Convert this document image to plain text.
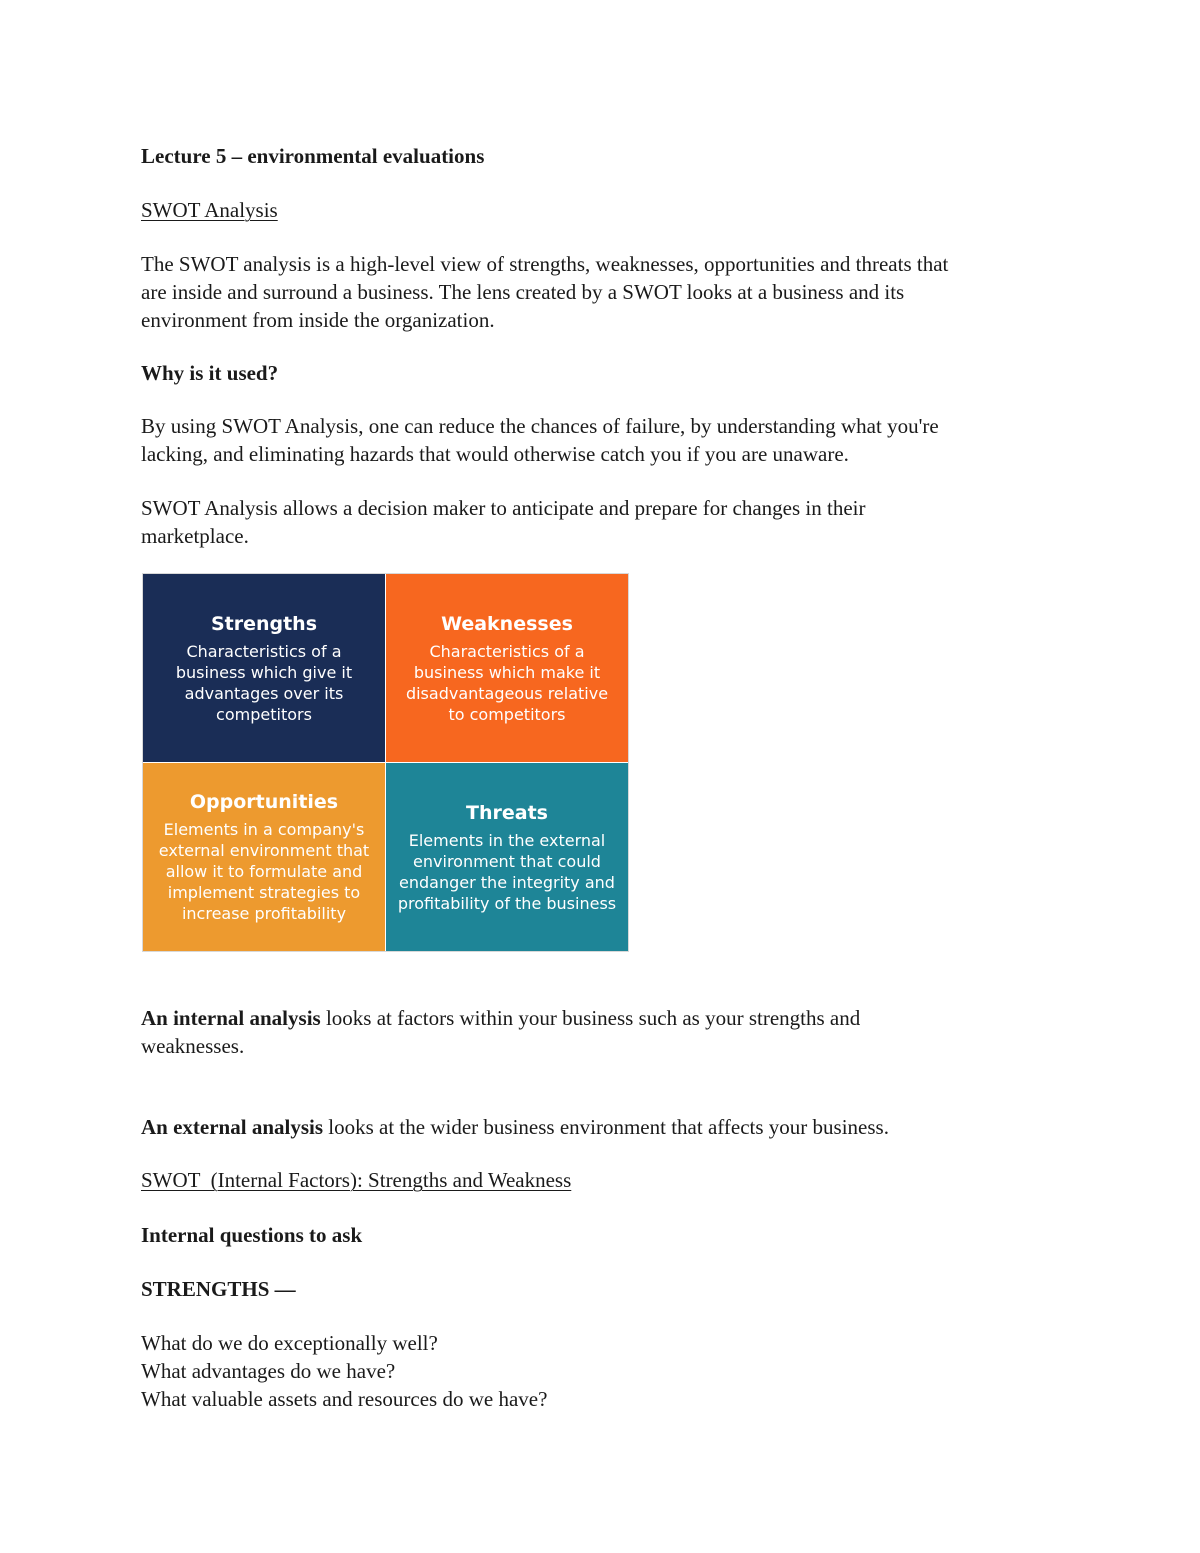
Lecture 5 – environmental evaluations
SWOT Analysis
The SWOT analysis is a high-level view of strengths, weaknesses, opportunities and threats that
are inside and surround a business. The lens created by a SWOT looks at a business and its
environment from inside the organization.
Why is it used?
By using SWOT Analysis, one can reduce the chances of failure, by understanding what you're
lacking, and eliminating hazards that would otherwise catch you if you are unaware.
SWOT Analysis allows a decision maker to anticipate and prepare for changes in their
marketplace.
Strengths
Characteristics of a
business which give it
advantages over its
competitors
Weaknesses
Characteristics of a
business which make it
disadvantageous relative
to competitors
Opportunities
Elements in a company's
external environment that
allow it to formulate and
implement strategies to
increase profitability
Threats
Elements in the external
environment that could
endanger the integrity and
profitability of the business
An internal analysis looks at factors within your business such as your strengths and
weaknesses.
An external analysis looks at the wider business environment that affects your business.
SWOT  (Internal Factors): Strengths and Weakness
Internal questions to ask
STRENGTHS —
What do we do exceptionally well?
What advantages do we have?
What valuable assets and resources do we have?
